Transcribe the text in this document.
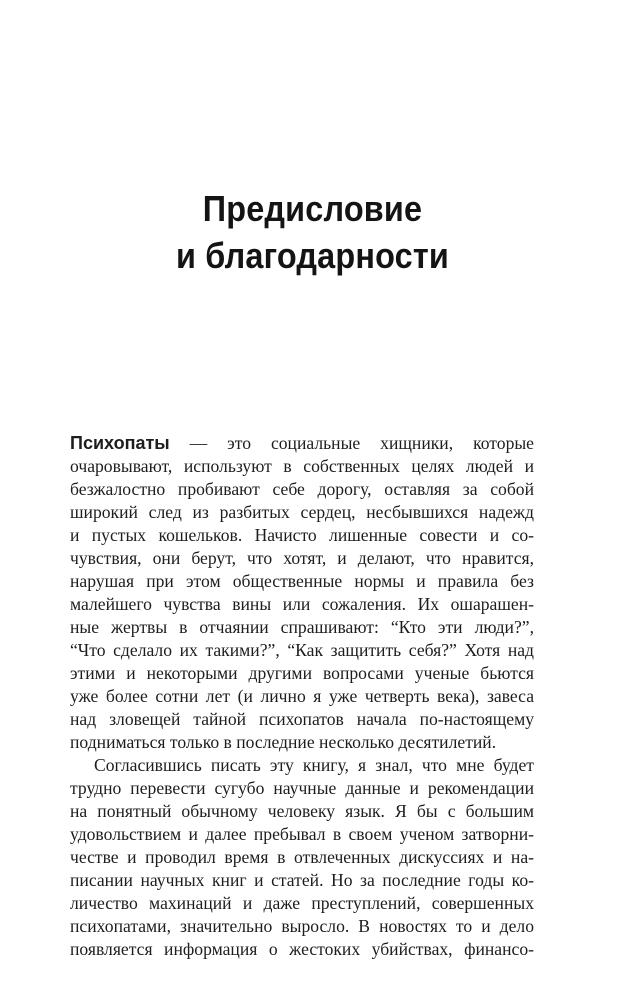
Предисловие
и благодарности
Психопаты — это социальные хищники, которые
очаровывают, используют в собственных целях людей и
безжалостно пробивают себе дорогу, оставляя за собой
широкий след из разбитых сердец, несбывшихся надежд
и пустых кошельков. Начисто лишенные совести и со-
чувствия, они берут, что хотят, и делают, что нравится,
нарушая при этом общественные нормы и правила без
малейшего чувства вины или сожаления. Их ошарашен-
ные жертвы в отчаянии спрашивают: “Кто эти люди?”,
“Что сделало их такими?”, “Как защитить себя?” Хотя над
этими и некоторыми другими вопросами ученые бьются
уже более сотни лет (и лично я уже четверть века), завеса
над зловещей тайной психопатов начала по-настоящему
подниматься только в последние несколько десятилетий.
Согласившись писать эту книгу, я знал, что мне будет
трудно перевести сугубо научные данные и рекомендации
на понятный обычному человеку язык. Я бы с большим
удовольствием и далее пребывал в своем ученом затворни-
честве и проводил время в отвлеченных дискуссиях и на-
писании научных книг и статей. Но за последние годы ко-
личество махинаций и даже преступлений, совершенных
психопатами, значительно выросло. В новостях то и дело
появляется информация о жестоких убийствах, финансо-
